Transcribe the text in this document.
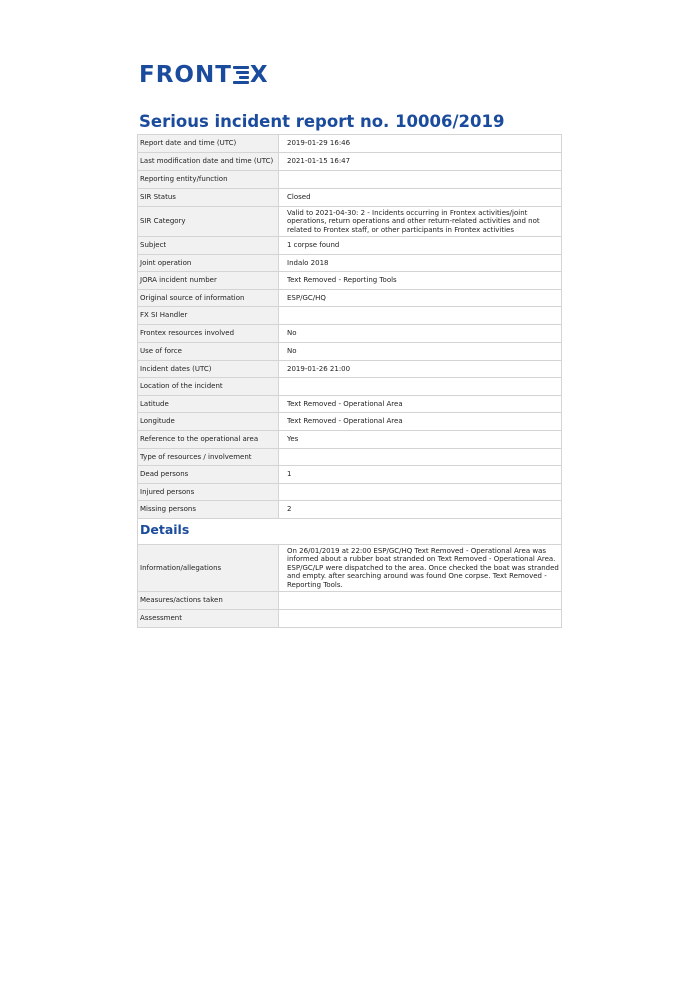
FRONT X
Serious incident report no. 10006/2019
Report date and time (UTC)	2019-01-29 16:46
Last modification date and time (UTC)	2021-01-15 16:47
Reporting entity/function	
SIR Status	Closed
SIR Category	Valid to 2021-04-30: 2 - Incidents occurring in Frontex activities/joint operations, return operations and other return-related activities and not related to Frontex staff, or other participants in Frontex activities
Subject	1 corpse found
Joint operation	Indalo 2018
JORA incident number	Text Removed - Reporting Tools
Original source of information	ESP/GC/HQ
FX SI Handler	
Frontex resources involved	No
Use of force	No
Incident dates (UTC)	2019-01-26 21:00
Location of the incident	
Latitude	Text Removed - Operational Area
Longitude	Text Removed - Operational Area
Reference to the operational area	Yes
Type of resources / involvement	
Dead persons	1
Injured persons	
Missing persons	2
Details
Information/allegations	On 26/01/2019 at 22:00 ESP/GC/HQ Text Removed - Operational Area was informed about a rubber boat stranded on Text Removed - Operational Area. ESP/GC/LP were dispatched to the area. Once checked the boat was stranded and empty. after searching around was found One corpse. Text Removed - Reporting Tools.
Measures/actions taken	
Assessment	
